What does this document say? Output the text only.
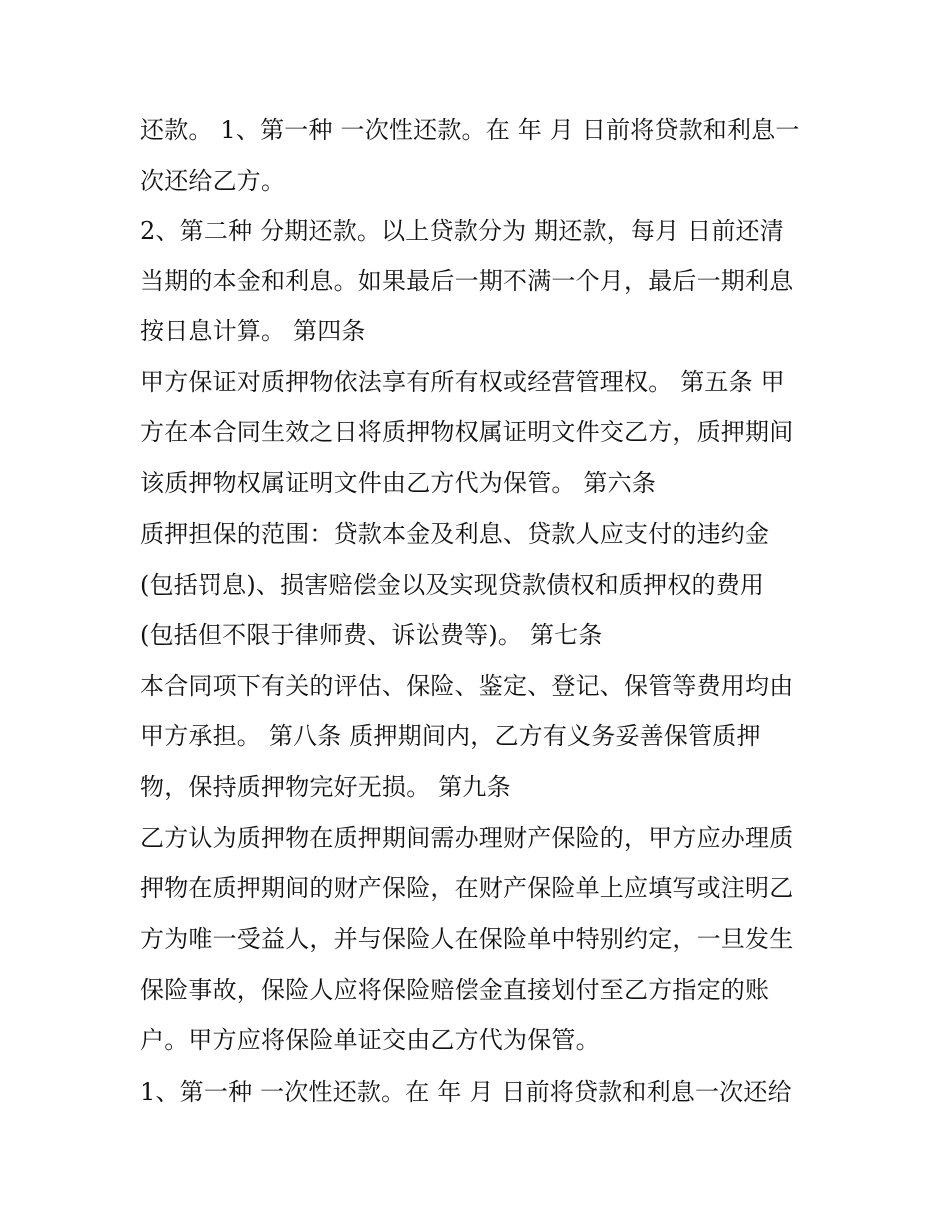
还款。 1、第一种 一次性还款。在 年 月 日前将贷款和利息一
次还给乙方。
2、第二种 分期还款。以上贷款分为 期还款，每月 日前还清
当期的本金和利息。如果最后一期不满一个月，最后一期利息
按日息计算。 第四条
甲方保证对质押物依法享有所有权或经营管理权。 第五条 甲
方在本合同生效之日将质押物权属证明文件交乙方，质押期间
该质押物权属证明文件由乙方代为保管。 第六条
质押担保的范围：贷款本金及利息、贷款人应支付的违约金
(包括罚息)、损害赔偿金以及实现贷款债权和质押权的费用
(包括但不限于律师费、诉讼费等)。 第七条
本合同项下有关的评估、保险、鉴定、登记、保管等费用均由
甲方承担。 第八条 质押期间内，乙方有义务妥善保管质押
物，保持质押物完好无损。 第九条
乙方认为质押物在质押期间需办理财产保险的，甲方应办理质
押物在质押期间的财产保险，在财产保险单上应填写或注明乙
方为唯一受益人，并与保险人在保险单中特别约定，一旦发生
保险事故，保险人应将保险赔偿金直接划付至乙方指定的账
户。甲方应将保险单证交由乙方代为保管。
1、第一种 一次性还款。在 年 月 日前将贷款和利息一次还给
